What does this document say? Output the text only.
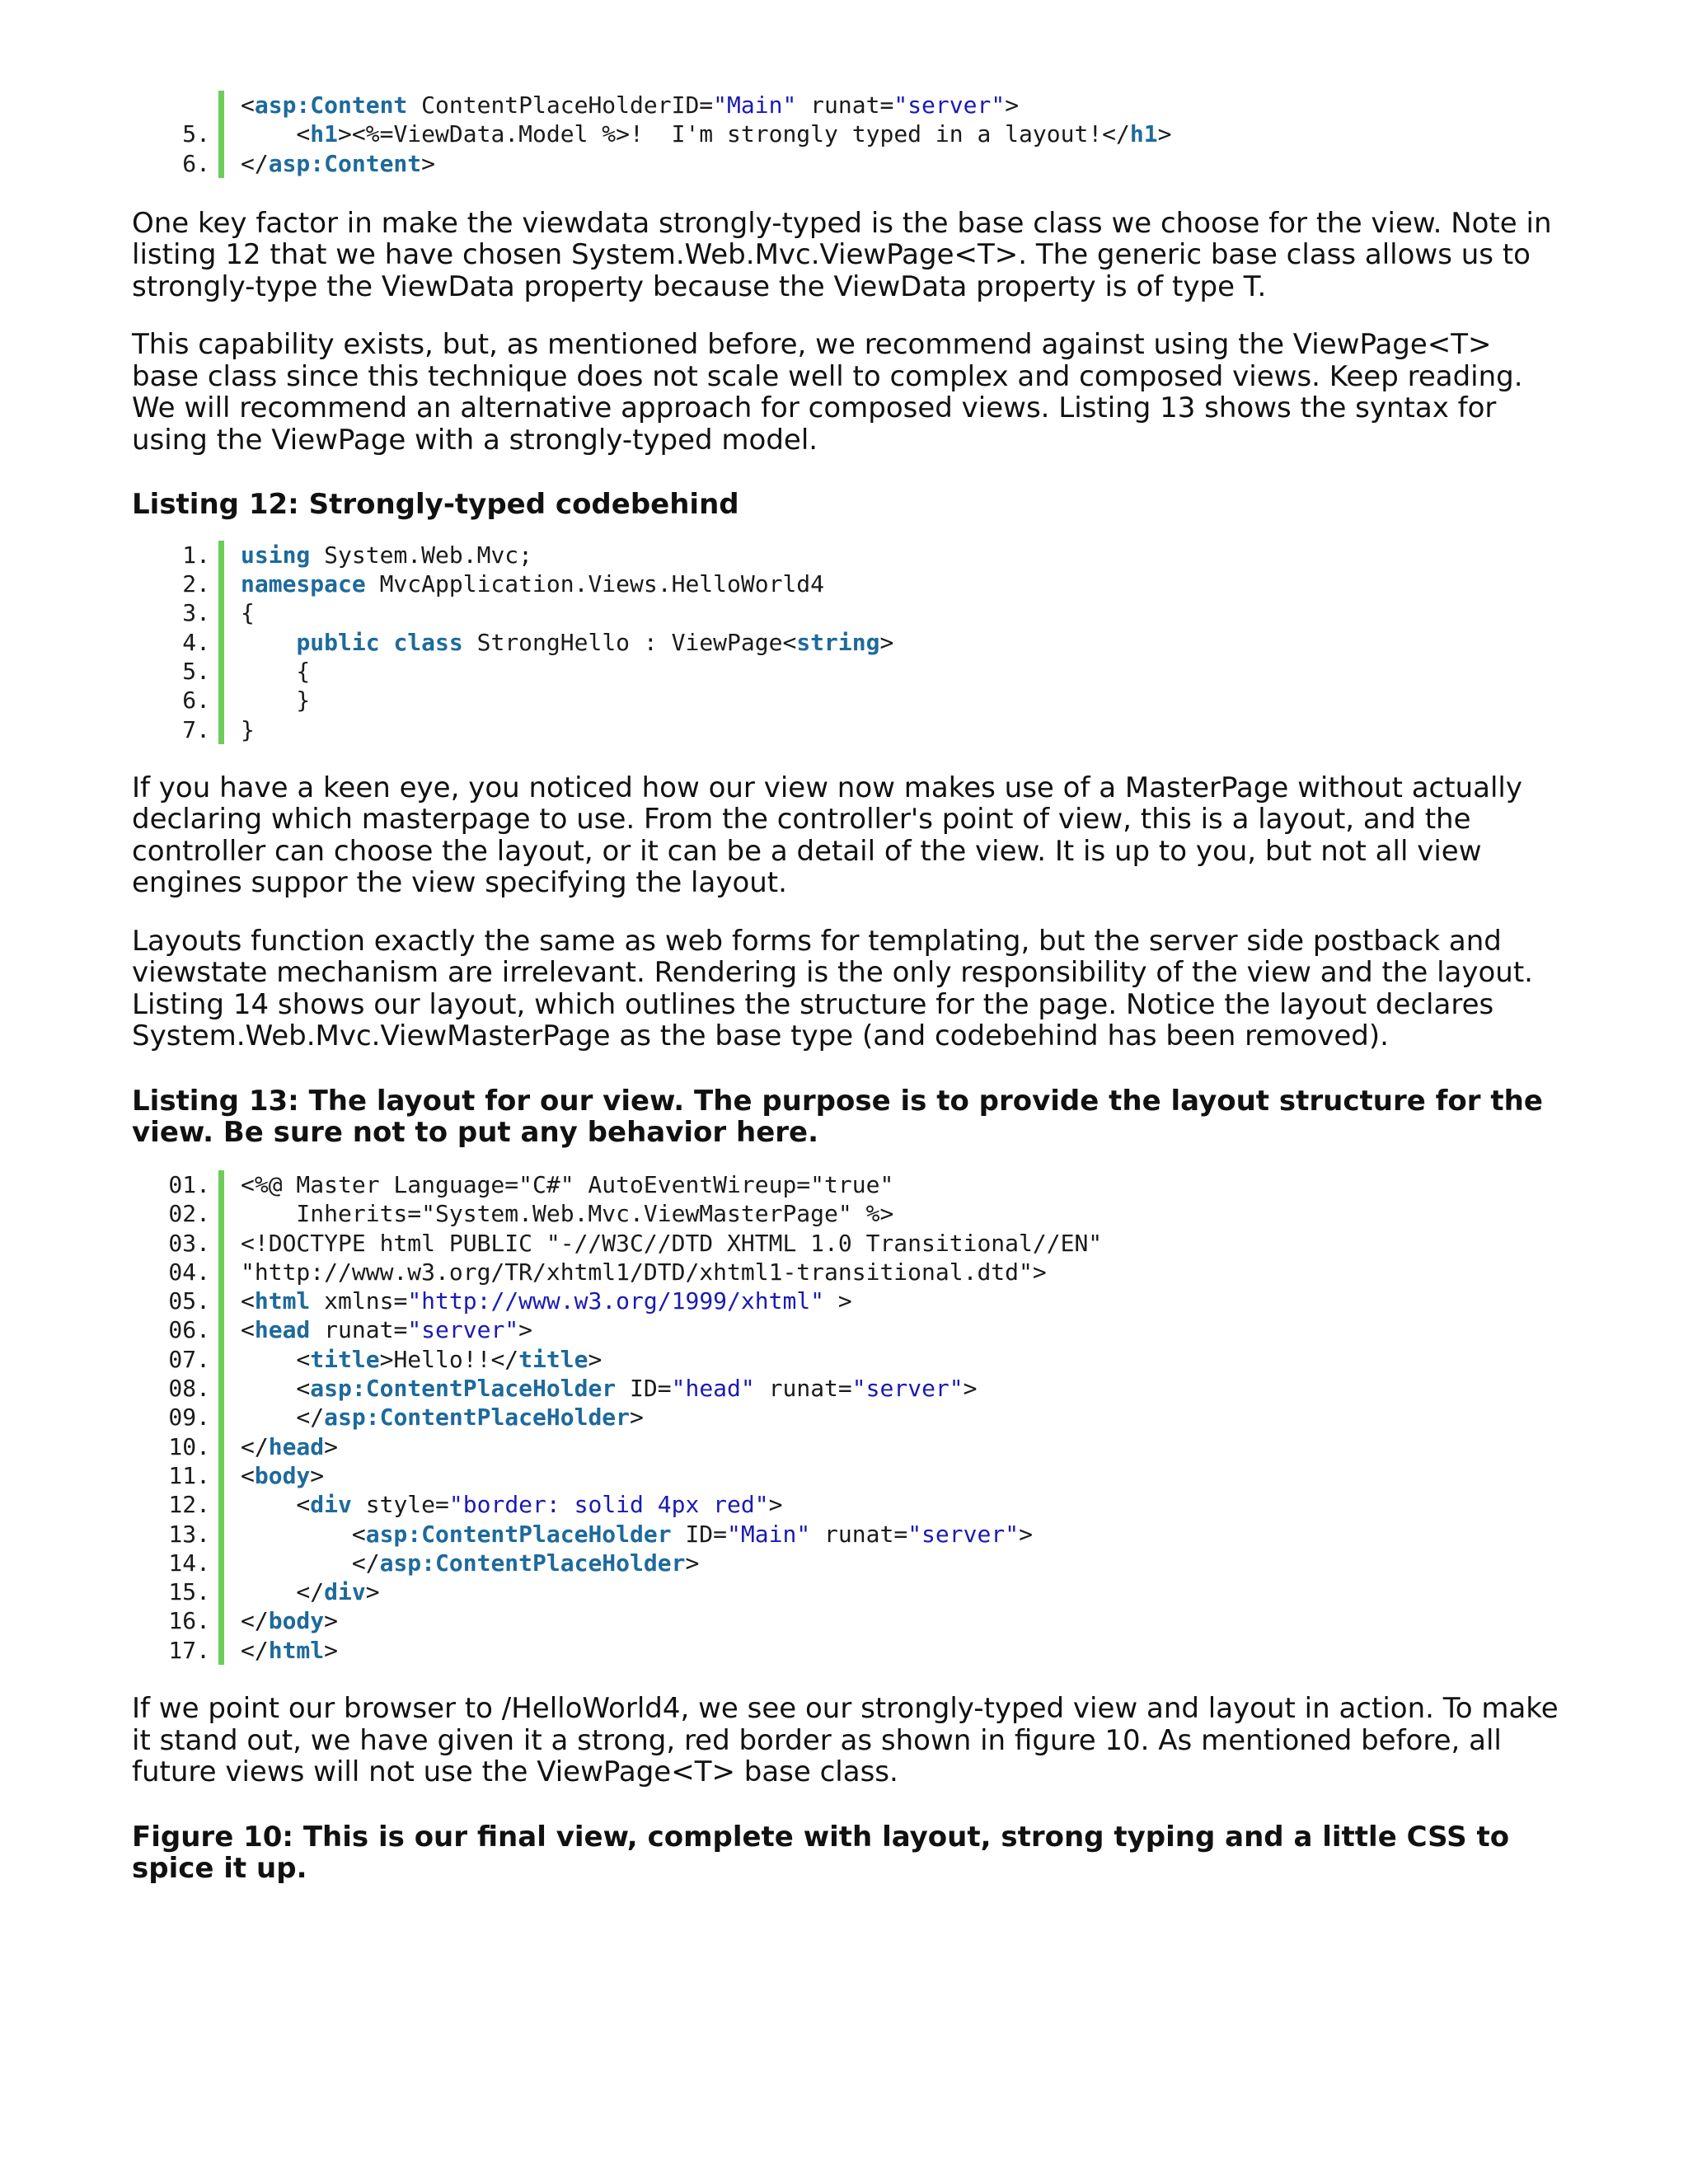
<asp:Content ContentPlaceHolderID="Main" runat="server">
5. <h1><%=ViewData.Model %>!  I'm strongly typed in a layout!</h1>
6. </asp:Content>

One key factor in make the viewdata strongly-typed is the base class we choose for the view. Note in listing 12 that we have chosen System.Web.Mvc.ViewPage<T>. The generic base class allows us to strongly-type the ViewData property because the ViewData property is of type T.

This capability exists, but, as mentioned before, we recommend against using the ViewPage<T> base class since this technique does not scale well to complex and composed views. Keep reading. We will recommend an alternative approach for composed views. Listing 13 shows the syntax for using the ViewPage with a strongly-typed model.

Listing 12: Strongly-typed codebehind

1. using System.Web.Mvc;
2. namespace MvcApplication.Views.HelloWorld4
3. {
4.	public class StrongHello : ViewPage<string>
5. {
6. }
7. }

If you have a keen eye, you noticed how our view now makes use of a MasterPage without actually declaring which masterpage to use. From the controller's point of view, this is a layout, and the controller can choose the layout, or it can be a detail of the view. It is up to you, but not all view engines suppor the view specifying the layout.

Layouts function exactly the same as web forms for templating, but the server side postback and viewstate mechanism are irrelevant. Rendering is the only responsibility of the view and the layout. Listing 14 shows our layout, which outlines the structure for the page. Notice the layout declares System.Web.Mvc.ViewMasterPage as the base type (and codebehind has been removed).

Listing 13: The layout for our view. The purpose is to provide the layout structure for the view. Be sure not to put any behavior here.

01. <%@ Master Language="C#" AutoEventWireup="true"
02. Inherits="System.Web.Mvc.ViewMasterPage" %>
03. <!DOCTYPE html PUBLIC "-//W3C//DTD XHTML 1.0 Transitional//EN"
04. "http://www.w3.org/TR/xhtml1/DTD/xhtml1-transitional.dtd">
05. <html xmlns="http://www.w3.org/1999/xhtml" >
06. <head runat="server">
07. <title>Hello!!</title>
08. <asp:ContentPlaceHolder ID="head" runat="server">
09. </asp:ContentPlaceHolder>
10. </head>
11. <body>
12. <div style="border: solid 4px red">
13. <asp:ContentPlaceHolder ID="Main" runat="server">
14. </asp:ContentPlaceHolder>
15. </div>
16. </body>
17. </html>

If we point our browser to /HelloWorld4, we see our strongly-typed view and layout in action. To make it stand out, we have given it a strong, red border as shown in figure 10. As mentioned before, all future views will not use the ViewPage<T> base class.

Figure 10: This is our final view, complete with layout, strong typing and a little CSS to spice it up.
